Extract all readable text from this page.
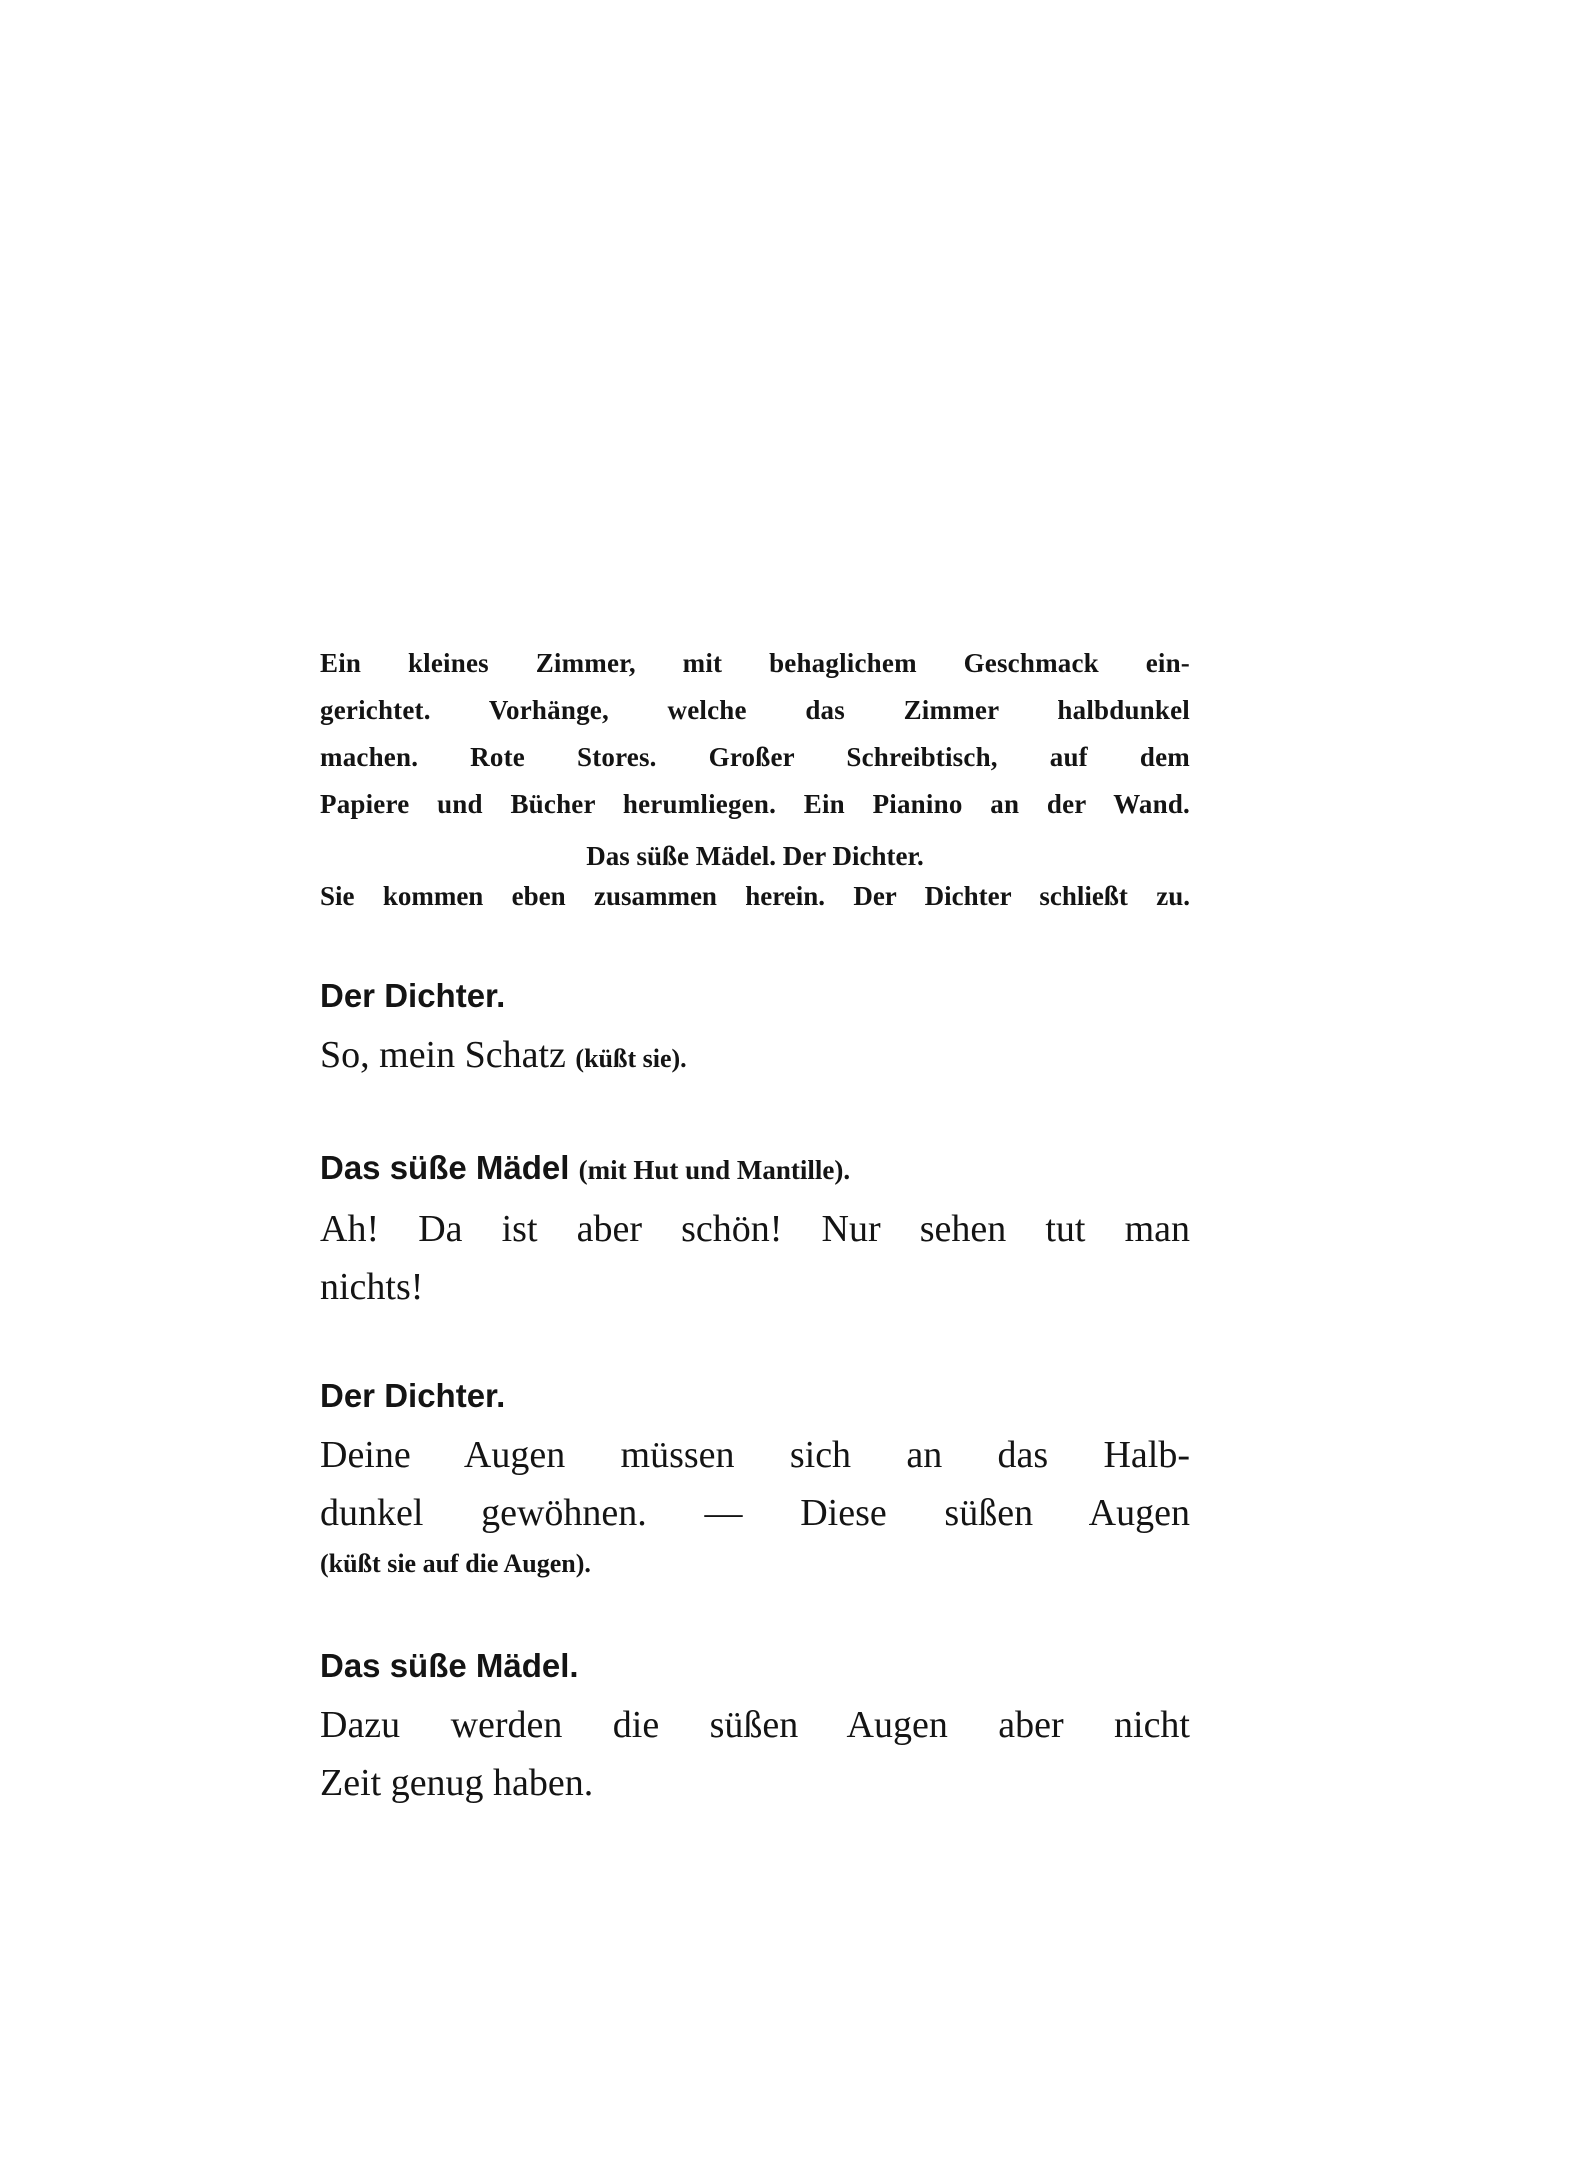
Ein kleines Zimmer, mit behaglichem Geschmack ein-
gerichtet. Vorhänge, welche das Zimmer halbdunkel
machen. Rote Stores. Großer Schreibtisch, auf dem
Papiere und Bücher herumliegen. Ein Pianino an der Wand.
Das süße Mädel. Der Dichter.
Sie kommen eben zusammen herein. Der Dichter schließt zu.
Der Dichter.
So, mein Schatz (küßt sie).
Das süße Mädel (mit Hut und Mantille).
Ah! Da ist aber schön! Nur sehen tut man
nichts!
Der Dichter.
Deine Augen müssen sich an das Halb-
dunkel gewöhnen. — Diese süßen Augen
(küßt sie auf die Augen).
Das süße Mädel.
Dazu werden die süßen Augen aber nicht
Zeit genug haben.
